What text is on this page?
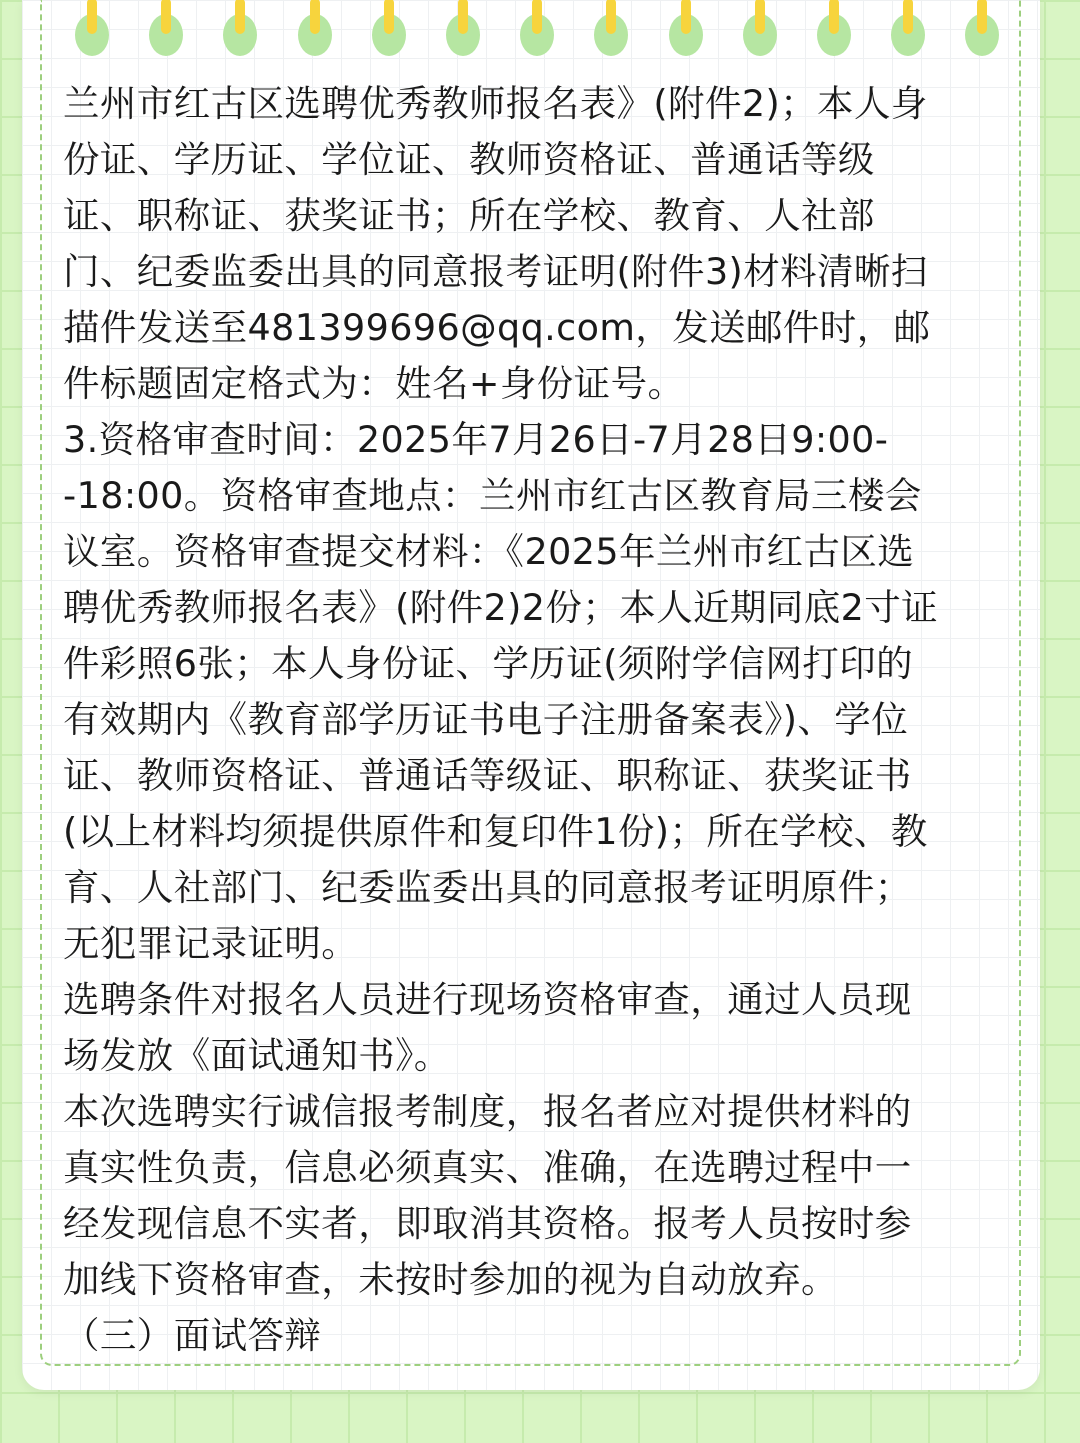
兰州市红古区选聘优秀教师报名表》(附件2)；本人身
份证、学历证、学位证、教师资格证、普通话等级
证、职称证、获奖证书；所在学校、教育、人社部
门、纪委监委出具的同意报考证明(附件3)材料清晰扫
描件发送至481399696@qq.com，发送邮件时，邮
件标题固定格式为：姓名+身份证号。
3.资格审查时间：2025年7月26日-7月28日9:00-
-18:00。资格审查地点：兰州市红古区教育局三楼会
议室。资格审查提交材料：《2025年兰州市红古区选
聘优秀教师报名表》(附件2)2份；本人近期同底2寸证
件彩照6张；本人身份证、学历证(须附学信网打印的
有效期内《教育部学历证书电子注册备案表》)、学位
证、教师资格证、普通话等级证、职称证、获奖证书
(以上材料均须提供原件和复印件1份)；所在学校、教
育、人社部门、纪委监委出具的同意报考证明原件；
无犯罪记录证明。
选聘条件对报名人员进行现场资格审查，通过人员现
场发放《面试通知书》。
本次选聘实行诚信报考制度，报名者应对提供材料的
真实性负责，信息必须真实、准确，在选聘过程中一
经发现信息不实者，即取消其资格。报考人员按时参
加线下资格审查，未按时参加的视为自动放弃。
（三）面试答辩
